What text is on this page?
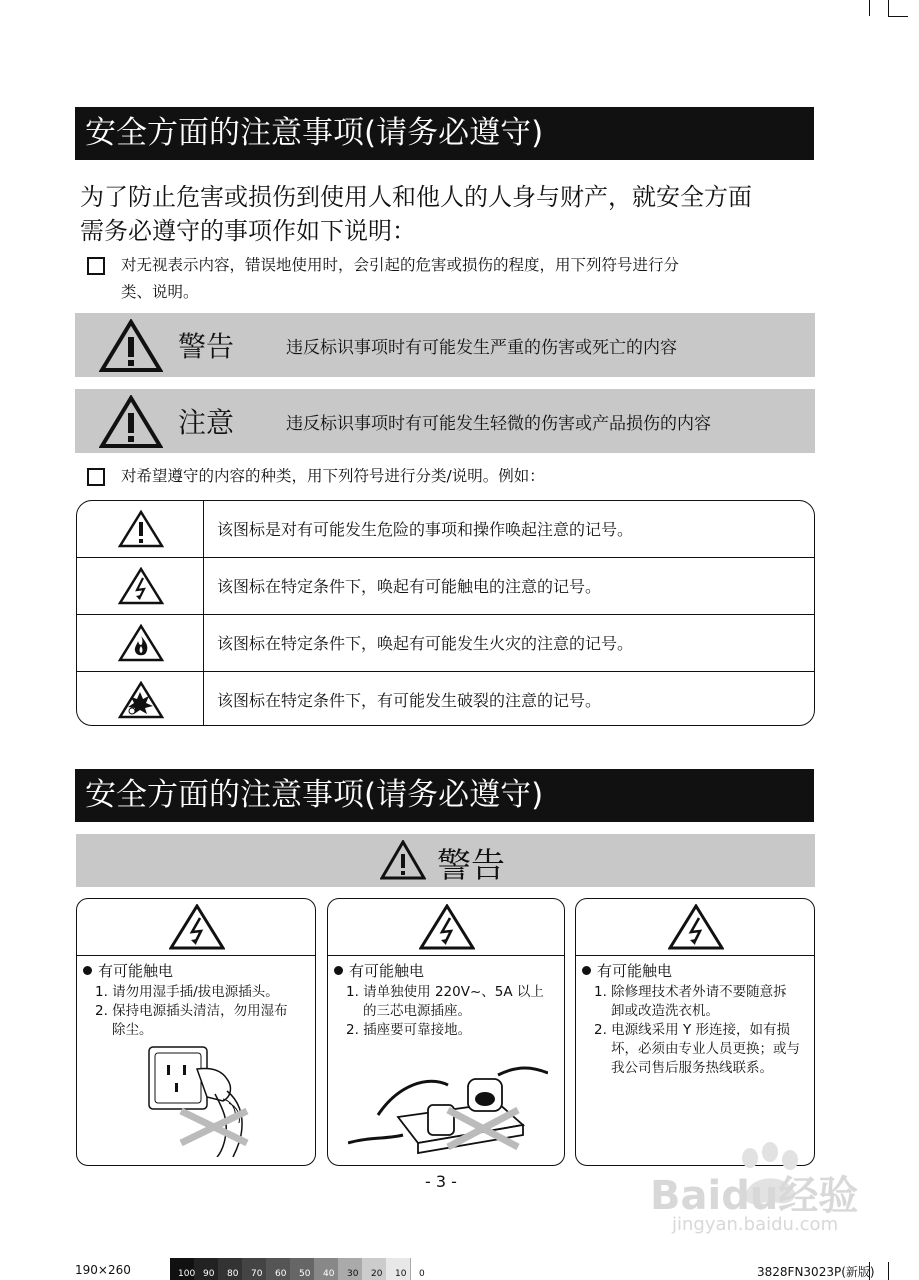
安全方面的注意事项(请务必遵守)
为了防止危害或损伤到使用人和他人的人身与财产，就安全方面
需务必遵守的事项作如下说明：
对无视表示内容，错误地使用时，会引起的危害或损伤的程度，用下列符号进行分
类、说明。
警告	违反标识事项时有可能发生严重的伤害或死亡的内容
注意	违反标识事项时有可能发生轻微的伤害或产品损伤的内容
对希望遵守的内容的种类，用下列符号进行分类/说明。例如：
该图标是对有可能发生危险的事项和操作唤起注意的记号。
该图标在特定条件下，唤起有可能触电的注意的记号。
该图标在特定条件下，唤起有可能发生火灾的注意的记号。
该图标在特定条件下，有可能发生破裂的注意的记号。
安全方面的注意事项(请务必遵守)
警告
有可能触电
1. 请勿用湿手插/拔电源插头。
2. 保持电源插头清洁，勿用湿布
除尘。
有可能触电
1. 请单独使用 220V~、5A 以上
的三芯电源插座。
2. 插座要可靠接地。
有可能触电
1. 除修理技术者外请不要随意拆
卸或改造洗衣机。
2. 电源线采用 Y 形连接，如有损
坏，必须由专业人员更换；或与
我公司售后服务热线联系。
- 3 -	Baidu经验
jingyan.baidu.com
190×260	100 90 80 70 60 50 40 30 20 10 0	3828FN3023P(新版)
